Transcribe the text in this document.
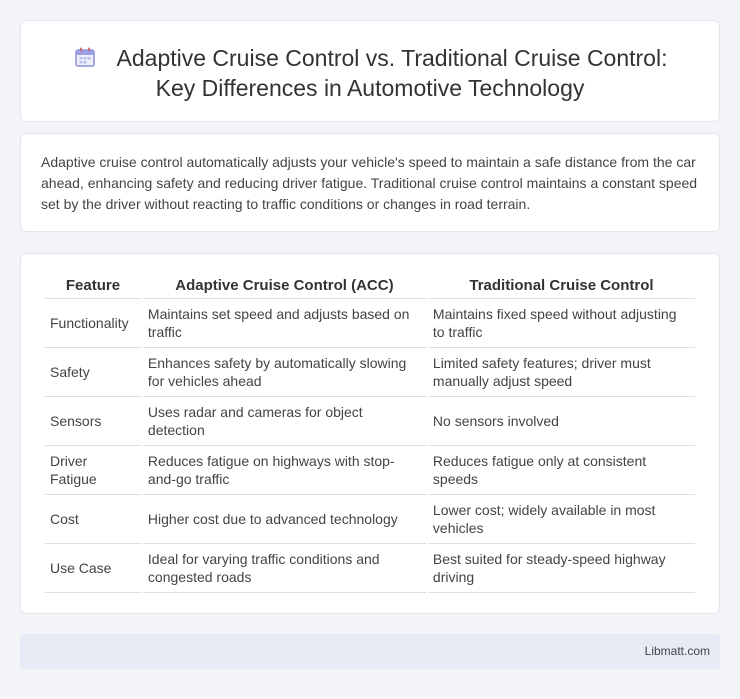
Adaptive Cruise Control vs. Traditional Cruise Control:
Key Differences in Automotive Technology

Adaptive cruise control automatically adjusts your vehicle's speed to maintain a safe distance from the car ahead, enhancing safety and reducing driver fatigue. Traditional cruise control maintains a constant speed set by the driver without reacting to traffic conditions or changes in road terrain.

Feature	Adaptive Cruise Control (ACC)	Traditional Cruise Control
Functionality	Maintains set speed and adjusts based on traffic	Maintains fixed speed without adjusting to traffic
Safety	Enhances safety by automatically slowing for vehicles ahead	Limited safety features; driver must manually adjust speed
Sensors	Uses radar and cameras for object detection	No sensors involved
Driver Fatigue	Reduces fatigue on highways with stop-and-go traffic	Reduces fatigue only at consistent speeds
Cost	Higher cost due to advanced technology	Lower cost; widely available in most vehicles
Use Case	Ideal for varying traffic conditions and congested roads	Best suited for steady-speed highway driving
Libmatt.com
